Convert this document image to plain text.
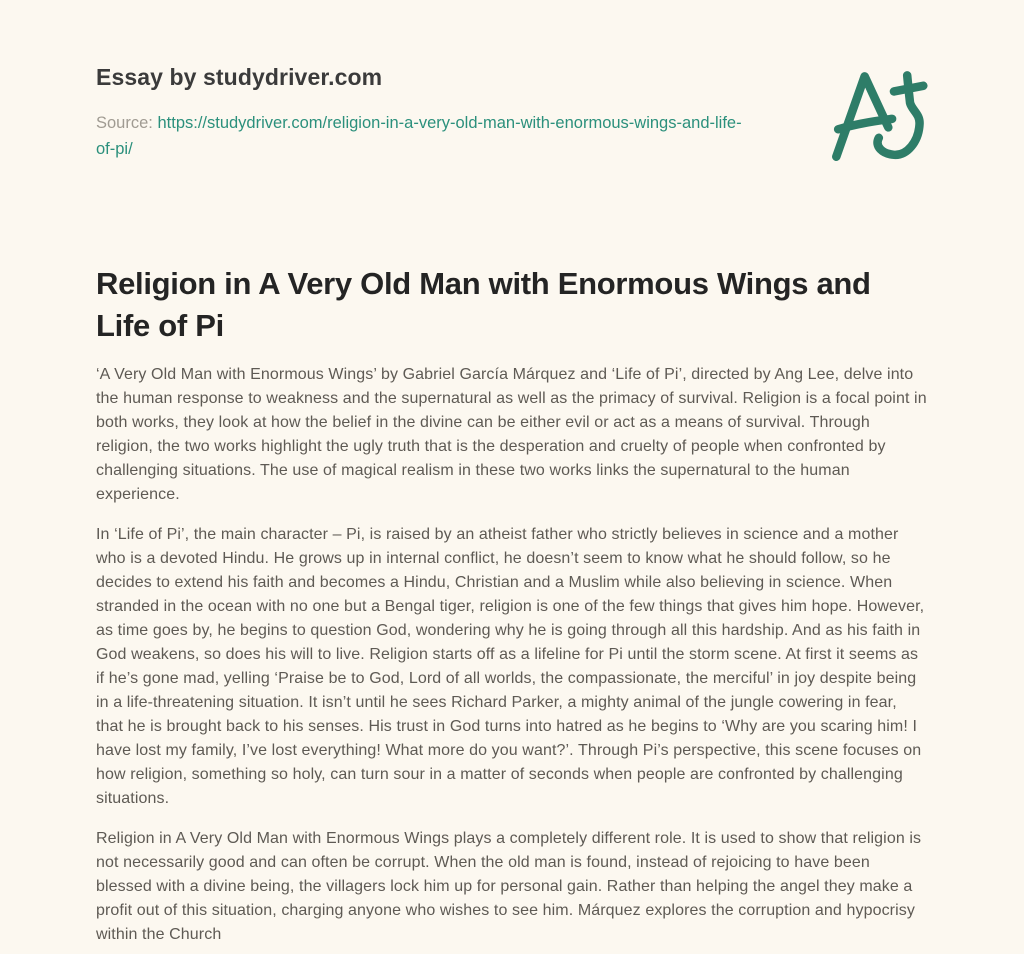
Essay by studydriver.com

Source: https://studydriver.com/religion-in-a-very-old-man-with-enormous-wings-and-life-of-pi/

Religion in A Very Old Man with Enormous Wings and Life of Pi

‘A Very Old Man with Enormous Wings’ by Gabriel García Márquez and ‘Life of Pi’, directed by Ang Lee, delve into the human response to weakness and the supernatural as well as the primacy of survival. Religion is a focal point in both works, they look at how the belief in the divine can be either evil or act as a means of survival. Through religion, the two works highlight the ugly truth that is the desperation and cruelty of people when confronted by challenging situations. The use of magical realism in these two works links the supernatural to the human experience.

In ‘Life of Pi’, the main character – Pi, is raised by an atheist father who strictly believes in science and a mother who is a devoted Hindu. He grows up in internal conflict, he doesn’t seem to know what he should follow, so he decides to extend his faith and becomes a Hindu, Christian and a Muslim while also believing in science. When stranded in the ocean with no one but a Bengal tiger, religion is one of the few things that gives him hope. However, as time goes by, he begins to question God, wondering why he is going through all this hardship. And as his faith in God weakens, so does his will to live. Religion starts off as a lifeline for Pi until the storm scene. At first it seems as if he’s gone mad, yelling ‘Praise be to God, Lord of all worlds, the compassionate, the merciful’ in joy despite being in a life-threatening situation. It isn’t until he sees Richard Parker, a mighty animal of the jungle cowering in fear, that he is brought back to his senses. His trust in God turns into hatred as he begins to ‘Why are you scaring him! I have lost my family, I’ve lost everything! What more do you want?’. Through Pi’s perspective, this scene focuses on how religion, something so holy, can turn sour in a matter of seconds when people are confronted by challenging situations.

Religion in A Very Old Man with Enormous Wings plays a completely different role. It is used to show that religion is not necessarily good and can often be corrupt. When the old man is found, instead of rejoicing to have been blessed with a divine being, the villagers lock him up for personal gain. Rather than helping the angel they make a profit out of this situation, charging anyone who wishes to see him. Márquez explores the corruption and hypocrisy within the Church
